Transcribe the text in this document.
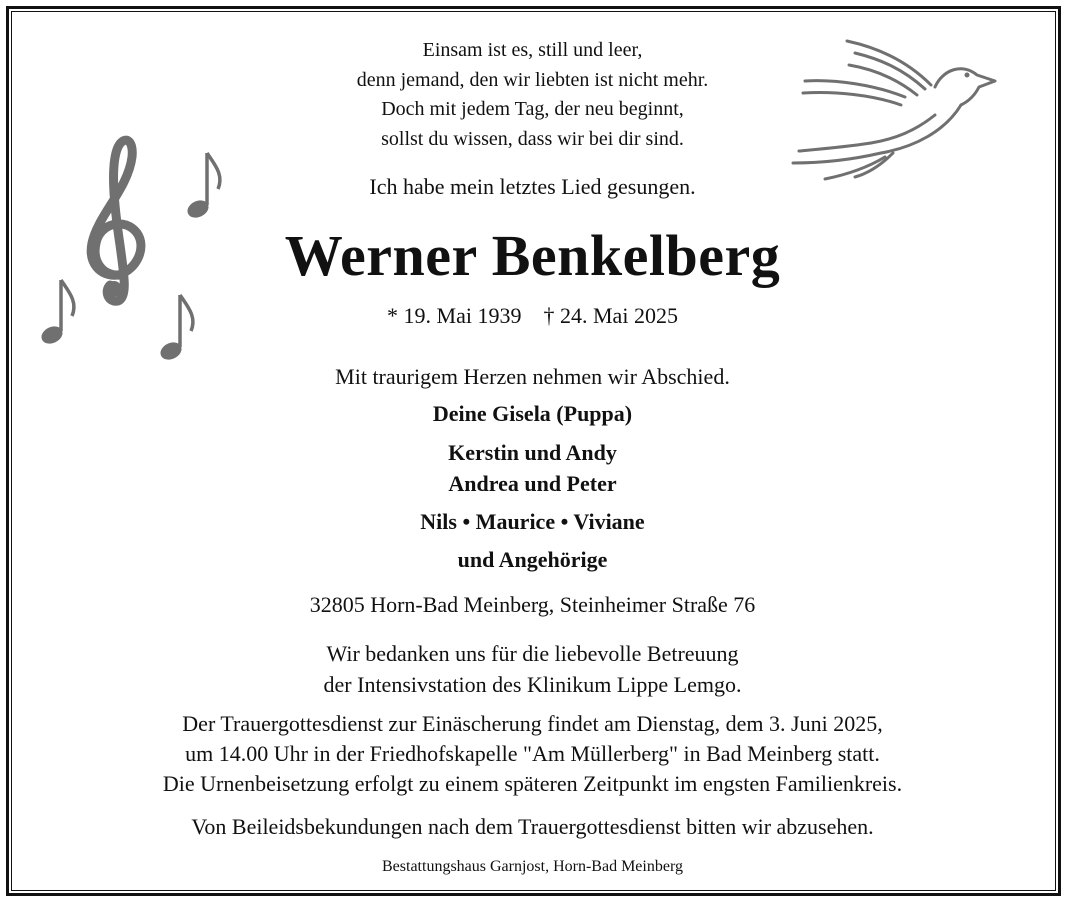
Einsam ist es, still und leer,
denn jemand, den wir liebten ist nicht mehr.
Doch mit jedem Tag, der neu beginnt,
sollst du wissen, dass wir bei dir sind.
Ich habe mein letztes Lied gesungen.
Werner Benkelberg
* 19. Mai 1939 † 24. Mai 2025
Mit traurigem Herzen nehmen wir Abschied.
Deine Gisela (Puppa)
Kerstin und Andy
Andrea und Peter
Nils • Maurice • Viviane
und Angehörige
32805 Horn-Bad Meinberg, Steinheimer Straße 76
Wir bedanken uns für die liebevolle Betreuung
der Intensivstation des Klinikum Lippe Lemgo.
Der Trauergottesdienst zur Einäscherung findet am Dienstag, dem 3. Juni 2025,
um 14.00 Uhr in der Friedhofskapelle "Am Müllerberg" in Bad Meinberg statt.
Die Urnenbeisetzung erfolgt zu einem späteren Zeitpunkt im engsten Familienkreis.
Von Beileidsbekundungen nach dem Trauergottesdienst bitten wir abzusehen.
Bestattungshaus Garnjost, Horn-Bad Meinberg
